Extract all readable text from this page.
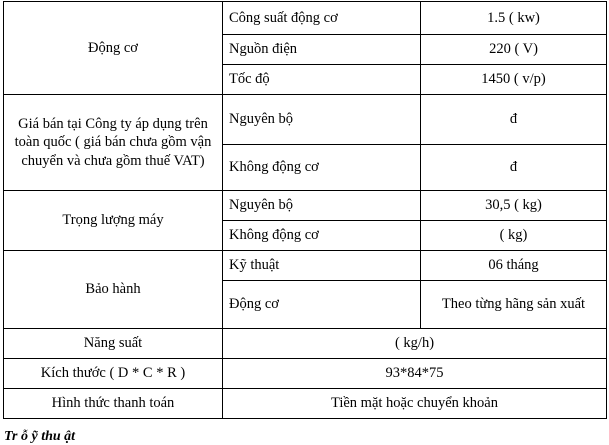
Động cơ	Công suất động cơ	1.5 ( kw)
	Nguồn điện	220 ( V)
	Tốc độ	1450 ( v/p)

Giá bán tại Công ty áp dụng trên toàn quốc ( giá bán chưa gồm vận chuyển và chưa gồm thuế VAT)	Nguyên bộ	đ
	Không động cơ	đ
Trọng lượng máy	Nguyên bộ	30,5 ( kg)
	Không động cơ	( kg)
Bảo hành	Kỹ thuật	06 tháng
	Động cơ	Theo từng hãng sản xuất
Năng suất	( kg/h)	
Kích thước ( D * C * R )	93*84*75	
Hình thức thanh toán	Tiền mặt hoặc chuyển khoản	
Tr ỗ ỹ thu ật
